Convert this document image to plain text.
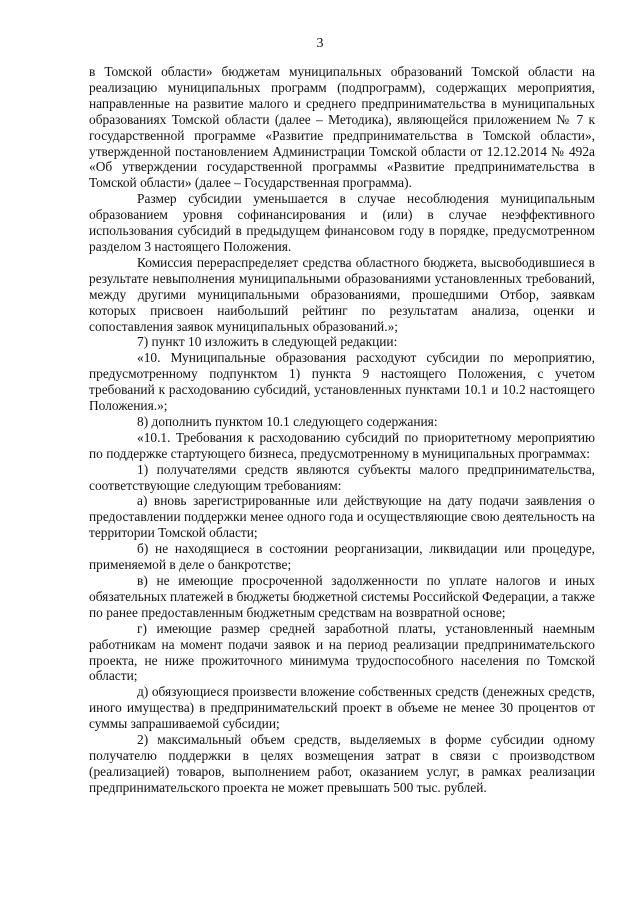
3

в Томской области» бюджетам муниципальных образований Томской области на реализацию муниципальных программ (подпрограмм), содержащих мероприятия, направленные на развитие малого и среднего предпринимательства в муниципальных образованиях Томской области (далее – Методика), являющейся приложением № 7 к государственной программе «Развитие предпринимательства в Томской области», утвержденной постановлением Администрации Томской области от 12.12.2014 № 492а «Об утверждении государственной программы «Развитие предпринимательства в Томской области» (далее – Государственная программа).

Размер субсидии уменьшается в случае несоблюдения муниципальным образованием уровня софинансирования и (или) в случае неэффективного использования субсидий в предыдущем финансовом году в порядке, предусмотренном разделом 3 настоящего Положения.

Комиссия перераспределяет средства областного бюджета, высвободившиеся в результате невыполнения муниципальными образованиями установленных требований, между другими муниципальными образованиями, прошедшими Отбор, заявкам которых присвоен наибольший рейтинг по результатам анализа, оценки и сопоставления заявок муниципальных образований.»;

7) пункт 10 изложить в следующей редакции:

«10. Муниципальные образования расходуют субсидии по мероприятию, предусмотренному подпунктом 1) пункта 9 настоящего Положения, с учетом требований к расходованию субсидий, установленных пунктами 10.1 и 10.2 настоящего Положения.»;

8) дополнить пунктом 10.1 следующего содержания:

«10.1. Требования к расходованию субсидий по приоритетному мероприятию по поддержке стартующего бизнеса, предусмотренному в муниципальных программах:

1) получателями средств являются субъекты малого предпринимательства, соответствующие следующим требованиям:

а) вновь зарегистрированные или действующие на дату подачи заявления о предоставлении поддержки менее одного года и осуществляющие свою деятельность на территории Томской области;

б) не находящиеся в состоянии реорганизации, ликвидации или процедуре, применяемой в деле о банкротстве;

в) не имеющие просроченной задолженности по уплате налогов и иных обязательных платежей в бюджеты бюджетной системы Российской Федерации, а также по ранее предоставленным бюджетным средствам на возвратной основе;

г) имеющие размер средней заработной платы, установленный наемным работникам на момент подачи заявок и на период реализации предпринимательского проекта, не ниже прожиточного минимума трудоспособного населения по Томской области;

д) обязующиеся произвести вложение собственных средств (денежных средств, иного имущества) в предпринимательский проект в объеме не менее 30 процентов от суммы запрашиваемой субсидии;

2) максимальный объем средств, выделяемых в форме субсидии одному получателю поддержки в целях возмещения затрат в связи с производством (реализацией) товаров, выполнением работ, оказанием услуг, в рамках реализации предпринимательского проекта не может превышать 500 тыс. рублей.
